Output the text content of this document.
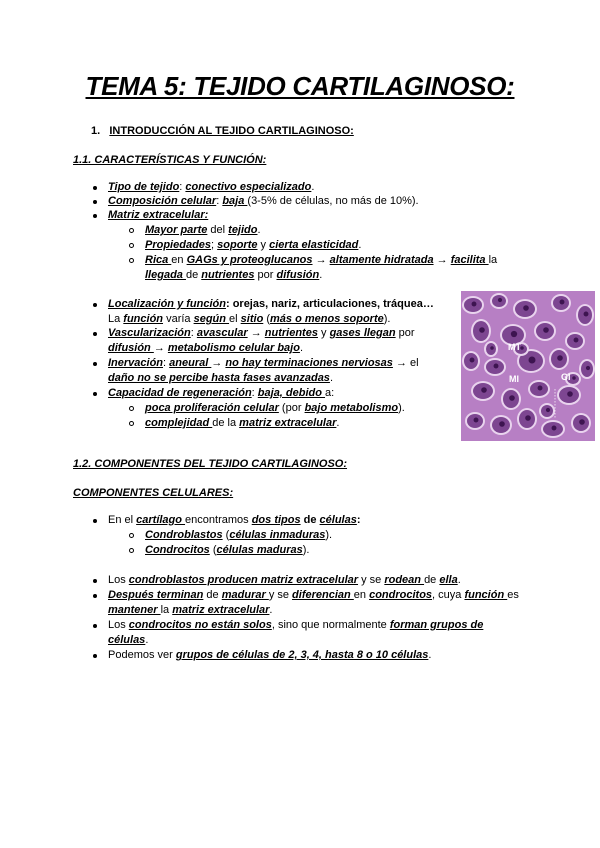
TEMA 5: TEJIDO CARTILAGINOSO:
1. INTRODUCCIÓN AL TEJIDO CARTILAGINOSO:
1.1. CARACTERÍSTICAS Y FUNCIÓN:
Tipo de tejido: conectivo especializado.
Composición celular: baja (3-5% de células, no más de 10%).
Matriz extracelular:
Mayor parte del tejido.
Propiedades; soporte y cierta elasticidad.
Rica en GAGs y proteoglucanos → altamente hidratada → facilita la
llegada de nutrientes por difusión.
Localización y función: orejas, nariz, articulaciones, tráquea…
La función varía según el sitio (más o menos soporte).
Vascularización: avascular → nutrientes y gases llegan por
difusión → metabolismo celular bajo.
Inervación: aneural → no hay terminaciones nerviosas → el
daño no se percibe hasta fases avanzadas.
Capacidad de regeneración: baja, debido a:
poca proliferación celular (por bajo metabolismo).
complejidad de la matriz extracelular.
MT
MI	GI
1.2. COMPONENTES DEL TEJIDO CARTILAGINOSO:
COMPONENTES CELULARES:
En el cartílago encontramos dos tipos de células:
Condroblastos (células inmaduras).
Condrocitos (células maduras).
Los condroblastos producen matriz extracelular y se rodean de ella.
Después terminan de madurar y se diferencian en condrocitos, cuya función es
mantener la matriz extracelular.
Los condrocitos no están solos, sino que normalmente forman grupos de
células.
Podemos ver grupos de células de 2, 3, 4, hasta 8 o 10 células.
